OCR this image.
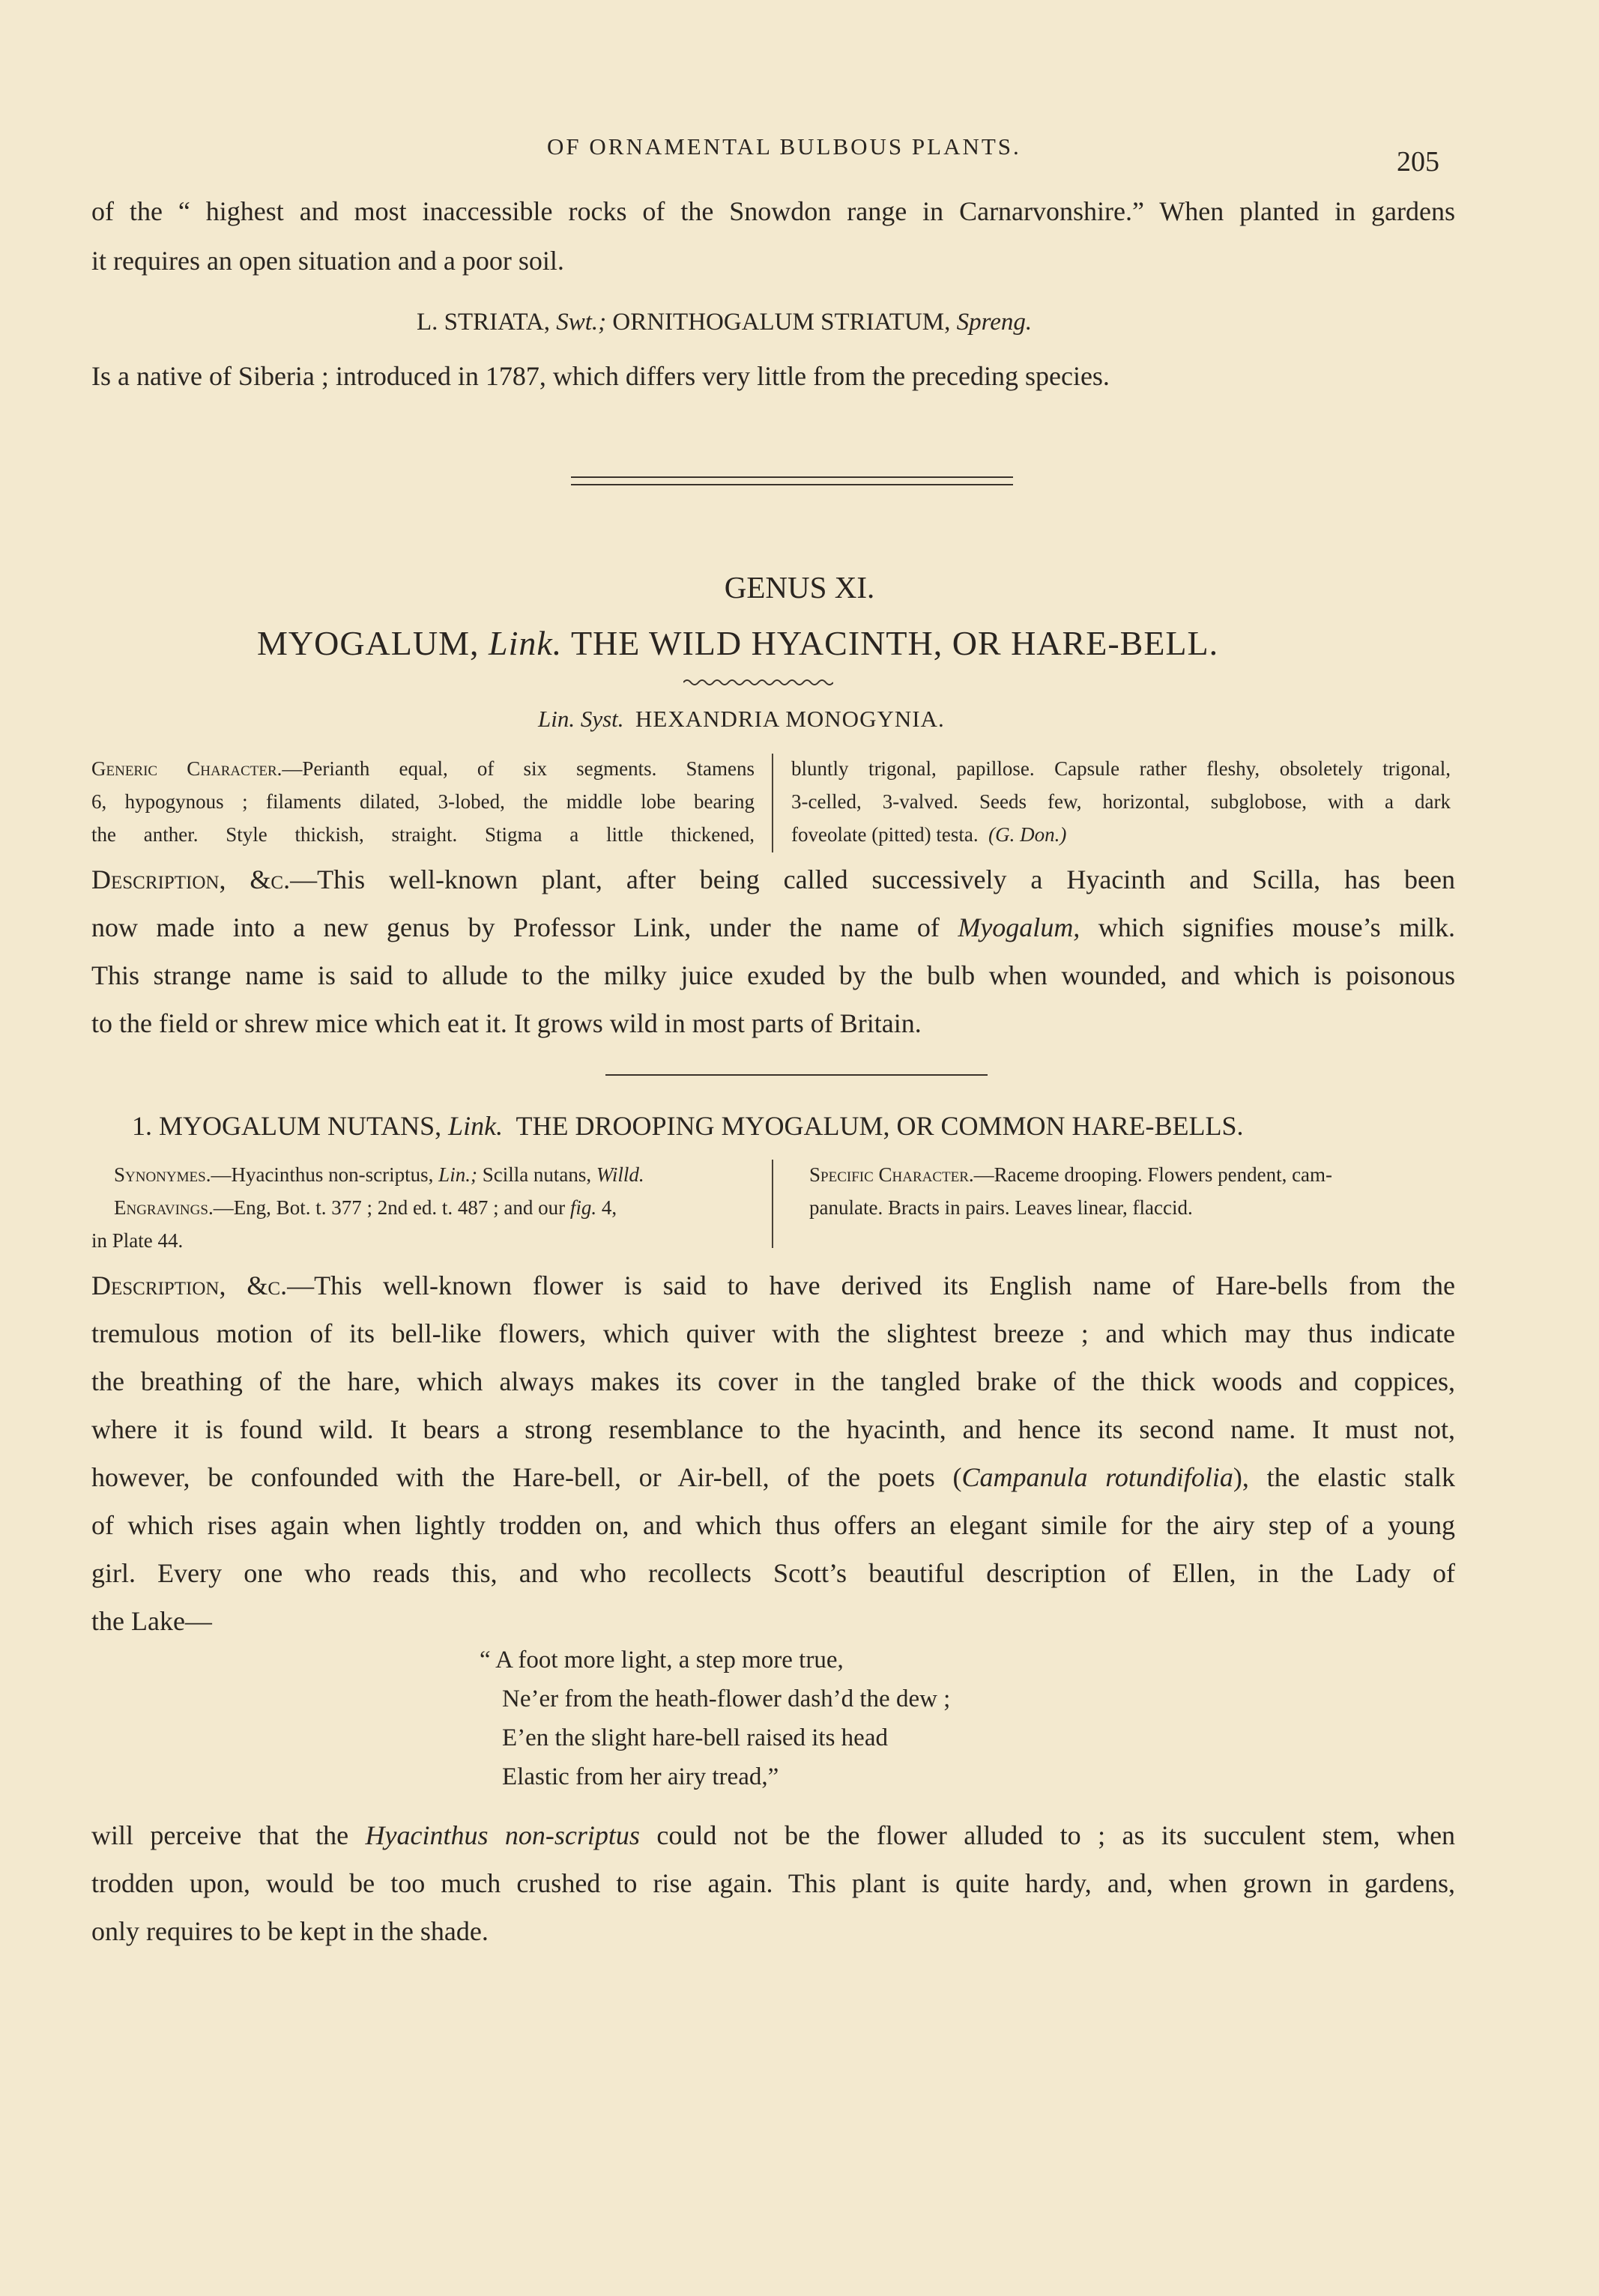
OF ORNAMENTAL BULBOUS PLANTS.	205
of the “ highest and most inaccessible rocks of the Snowdon range in Carnarvonshire.” When planted in gardens
it requires an open situation and a poor soil.
L. STRIATA, Swt.; ORNITHOGALUM STRIATUM, Spreng.
Is a native of Siberia ; introduced in 1787, which differs very little from the preceding species.
GENUS XI.
MYOGALUM, Link. THE WILD HYACINTH, OR HARE-BELL.
Lin. Syst. HEXANDRIA MONOGYNIA.
Generic Character.—Perianth equal, of six segments. Stamens
6, hypogynous ; filaments dilated, 3-lobed, the middle lobe bearing
the anther. Style thickish, straight. Stigma a little thickened,
bluntly trigonal, papillose. Capsule rather fleshy, obsoletely trigonal,
3-celled, 3-valved. Seeds few, horizontal, subglobose, with a dark
foveolate (pitted) testa. (G. Don.)
Description, &c.—This well-known plant, after being called successively a Hyacinth and Scilla, has been
now made into a new genus by Professor Link, under the name of Myogalum, which signifies mouse’s milk.
This strange name is said to allude to the milky juice exuded by the bulb when wounded, and which is poisonous
to the field or shrew mice which eat it. It grows wild in most parts of Britain.
1. MYOGALUM NUTANS, Link. THE DROOPING MYOGALUM, OR COMMON HARE-BELLS.
Synonymes.—Hyacinthus non-scriptus, Lin.; Scilla nutans, Willd.
Engravings.—Eng, Bot. t. 377 ; 2nd ed. t. 487 ; and our fig. 4,
in Plate 44.
Specific Character.—Raceme drooping. Flowers pendent, cam-
panulate. Bracts in pairs. Leaves linear, flaccid.
Description, &c.—This well-known flower is said to have derived its English name of Hare-bells from the
tremulous motion of its bell-like flowers, which quiver with the slightest breeze ; and which may thus indicate
the breathing of the hare, which always makes its cover in the tangled brake of the thick woods and coppices,
where it is found wild. It bears a strong resemblance to the hyacinth, and hence its second name. It must not,
however, be confounded with the Hare-bell, or Air-bell, of the poets (Campanula rotundifolia), the elastic stalk
of which rises again when lightly trodden on, and which thus offers an elegant simile for the airy step of a young
girl. Every one who reads this, and who recollects Scott’s beautiful description of Ellen, in the Lady of
the Lake—
“ A foot more light, a step more true,
Ne’er from the heath-flower dash’d the dew ;
E’en the slight hare-bell raised its head
Elastic from her airy tread,”
will perceive that the Hyacinthus non-scriptus could not be the flower alluded to ; as its succulent stem, when
trodden upon, would be too much crushed to rise again. This plant is quite hardy, and, when grown in gardens,
only requires to be kept in the shade.
